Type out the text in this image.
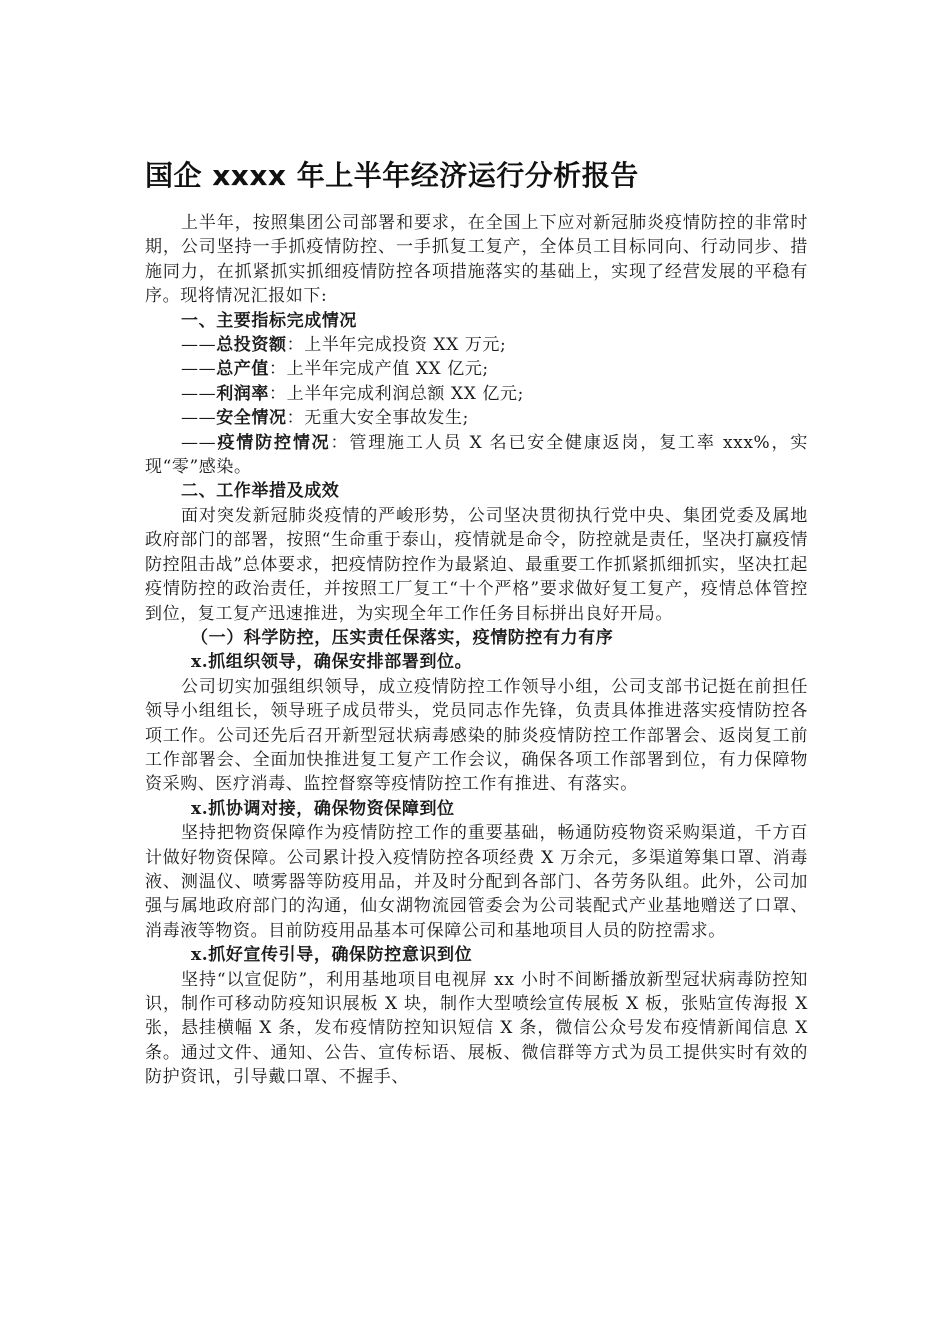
国企 xxxx 年上半年经济运行分析报告

上半年，按照集团公司部署和要求，在全国上下应对新冠肺炎疫情防控的非常时期，公司坚持一手抓疫情防控、一手抓复工复产，全体员工目标同向、行动同步、措施同力，在抓紧抓实抓细疫情防控各项措施落实的基础上，实现了经营发展的平稳有序。现将情况汇报如下:

一、主要指标完成情况

——总投资额：上半年完成投资 XX 万元;

——总产值：上半年完成产值 XX 亿元;

——利润率：上半年完成利润总额 XX 亿元;

——安全情况：无重大安全事故发生;

——疫情防控情况：管理施工人员 X 名已安全健康返岗，复工率 xxx%，实现“零”感染。

二、工作举措及成效

面对突发新冠肺炎疫情的严峻形势，公司坚决贯彻执行党中央、集团党委及属地政府部门的部署，按照“生命重于泰山，疫情就是命令，防控就是责任，坚决打赢疫情防控阻击战”总体要求，把疫情防控作为最紧迫、最重要工作抓紧抓细抓实，坚决扛起疫情防控的政治责任，并按照工厂复工“十个严格”要求做好复工复产，疫情总体管控到位，复工复产迅速推进，为实现全年工作任务目标拼出良好开局。

（一）科学防控，压实责任保落实，疫情防控有力有序

x.抓组织领导，确保安排部署到位。

公司切实加强组织领导，成立疫情防控工作领导小组，公司支部书记挺在前担任领导小组组长，领导班子成员带头，党员同志作先锋，负责具体推进落实疫情防控各项工作。公司还先后召开新型冠状病毒感染的肺炎疫情防控工作部署会、返岗复工前工作部署会、全面加快推进复工复产工作会议，确保各项工作部署到位，有力保障物资采购、医疗消毒、监控督察等疫情防控工作有推进、有落实。

x.抓协调对接，确保物资保障到位

坚持把物资保障作为疫情防控工作的重要基础，畅通防疫物资采购渠道，千方百计做好物资保障。公司累计投入疫情防控各项经费 X 万余元，多渠道筹集口罩、消毒液、测温仪、喷雾器等防疫用品，并及时分配到各部门、各劳务队组。此外，公司加强与属地政府部门的沟通，仙女湖物流园管委会为公司装配式产业基地赠送了口罩、消毒液等物资。目前防疫用品基本可保障公司和基地项目人员的防控需求。

x.抓好宣传引导，确保防控意识到位

坚持“以宣促防”，利用基地项目电视屏 xx 小时不间断播放新型冠状病毒防控知识，制作可移动防疫知识展板 X 块，制作大型喷绘宣传展板 X 板，张贴宣传海报 X 张，悬挂横幅 X 条，发布疫情防控知识短信 X 条，微信公众号发布疫情新闻信息 X 条。通过文件、通知、公告、宣传标语、展板、微信群等方式为员工提供实时有效的防护资讯，引导戴口罩、不握手、
